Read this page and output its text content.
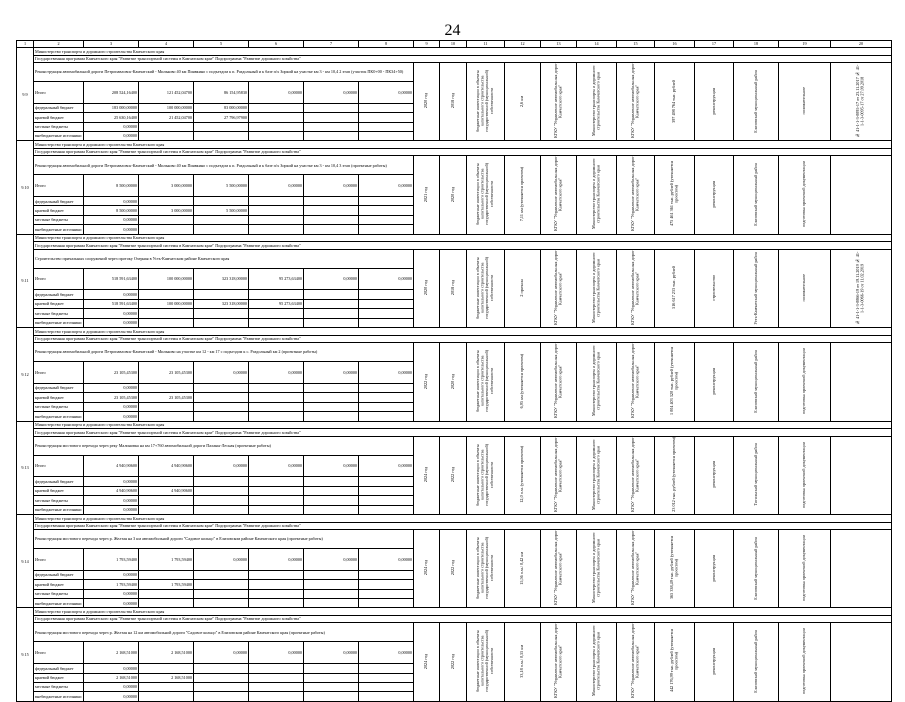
24
1	2	3	4	5	6	7	8	9	10	11	12	13	14	15	16	17	18	19	20
9.9	Министерство транспорта и дорожного строительства Камчатского края																		
	Государственная программа Камчатского края "Развитие транспортной системы в Камчатском крае" Подпрограмма "Развитие дорожного хозяйства"																		
	Реконструкция автомобильной дороги Петропавловск-Камчатский - Мильково 40 км Пиявкино с подъездом к п. Раздольный и к базе п/х Зоркий на участке км 3 - км 10,4 2 этап (участок ПК0+00 - ПК34+50)							2020 год	2018 год	бюджетные инвестиции в объекты капитального строительства государственной (муниципальной) собственности	2,6 км	КГКУ "Управление автомобильных дорог Камчатского края"	Министерство транспорта и дорожного строительства Камчатского края	КГКУ "Управление автомобильных дорог Камчатского края"	397 498 764 тыс. рублей	реконструкция	Елизовский муниципальный район	положительное	№ 41-1-1-3-0095-17 от 23.11.2017 № 41-1-1-3-0095-17 от 27.09.2018
	Итого	208 524,16400	121 452,04700	86 154,95830	0,00000	0,00000	0,00000												
	федеральный бюджет	183 000,00000	100 000,00000	83 000,00000															
	краевой бюджет	25 630,16400	21 452,04700	27 796,97900															
	местные бюджеты	0,00000																	
	внебюджетные источники	0,00000																	
9.10	Министерство транспорта и дорожного строительства Камчатского края																		
	Государственная программа Камчатского края "Развитие транспортной системы в Камчатском крае" Подпрограмма "Развитие дорожного хозяйства"																		
	Реконструкция автомобильной дороги Петропавловск-Камчатский - Мильково 40 км Пиявкино с подъездом к п. Раздольный и к базе п/х Зоркий на участке км 3 - км 10,4 3 этап (проектные работы)							2021 год	2020 год	бюджетные инвестиции в объекты капитального строительства государственной (муниципальной) собственности	7,11 км (уточняется проектом)	КГКУ "Управление автомобильных дорог Камчатского края"	Министерство транспорта и дорожного строительства Камчатского края	КГКУ "Управление автомобильных дорог Камчатского края"	475 461 361 тыс. рублей (уточняется проектом)	реконструкция	Елизовский муниципальный район	подготовка проектной документации	
	Итого	8 500,00000	3 000,00000	5 500,00000	0,00000	0,00000	0,00000												
	федеральный бюджет	0,00000																	
	краевой бюджет	8 500,00000	3 000,00000	5 500,00000															
	местные бюджеты	0,00000																	
	внебюджетные источники	0,00000																	
9.11	Министерство транспорта и дорожного строительства Камчатского края																		
	Государственная программа Камчатского края "Развитие транспортной системы в Камчатском крае" Подпрограмма "Развитие дорожного хозяйства"																		
	Строительство причальных сооружений через протоку Озерная в Усть-Камчатском районе Камчатского края							2020 год	2018 год	бюджетные инвестиции в объекты капитального строительства государственной (муниципальной) собственности	2 причала	КГКУ "Управление автомобильных дорог Камчатского края"	Министерство транспорта и дорожного строительства Камчатского края	КГКУ "Управление автомобильных дорог Камчатского края"	516 617 233 тыс. рублей	строительство	Усть-Камчатский муниципальный район	положительное	№ 41-1-1-3-0066-19 от 19.11.2019 № 41-1-1-3-0066-19 от 11.02.2019
	Итого	518 591,63400	100 000,00000	323 318,00000	95 273,63400	0,00000	0,00000												
	федеральный бюджет	0,00000																	
	краевой бюджет	518 591,63400	100 000,00000	323 318,00000	95 273,63400														
	местные бюджеты	0,00000																	
	внебюджетные источники	0,00000																	
9.12	Министерство транспорта и дорожного строительства Камчатского края																		
	Государственная программа Камчатского края "Развитие транспортной системы в Камчатском крае" Подпрограмма "Развитие дорожного хозяйства"																		
	Реконструкция автомобильной дороги Петропавловск-Камчатский - Мильково на участке км 12 - км 17 с подъездом к с. Раздольный км 2 (проектные работы)							2022 год	2020 год	бюджетные инвестиции в объекты капитального строительства государственной (муниципальной) собственности	6,95 км (уточняется проектом)	КГКУ "Управление автомобильных дорог Камчатского края"	Министерство транспорта и дорожного строительства Камчатского края	КГКУ "Управление автомобильных дорог Камчатского края"	1 004 403 320 тыс. рублей (уточняется проектом)	реконструкция	Елизовский муниципальный район	подготовка проектной документации	
	Итого	23 105,45300	23 105,45300	0,00000	0,00000	0,00000	0,00000												
	федеральный бюджет	0,00000																	
	краевой бюджет	23 105,45300	23 105,45300																
	местные бюджеты	0,00000																	
	внебюджетные источники	0,00000																	
9.13	Министерство транспорта и дорожного строительства Камчатского края																		
	Государственная программа Камчатского края "Развитие транспортной системы в Камчатском крае" Подпрограмма "Развитие дорожного хозяйства"																		
	Реконструкция мостового перехода через реку Малиновка на км 17+760 автомобильной дороги Паланы-Лесная (проектные работы)							2024 год	2022 год	бюджетные инвестиции в объекты капитального строительства государственной (муниципальной) собственности	12,0 п.м. (уточняется проектом)	КГКУ "Управление автомобильных дорог Камчатского края"	Министерство транспорта и дорожного строительства Камчатского края	КГКУ "Управление автомобильных дорог Камчатского края"	23 012 тыс. рублей (уточняется проектом)	реконструкция	Тигильский муниципальный район	подготовка проектной документации	
	Итого	4 940,90600	4 940,90600	0,00000	0,00000	0,00000	0,00000												
	федеральный бюджет	0,00000																	
	краевой бюджет	4 940,90600	4 940,90600																
	местные бюджеты	0,00000																	
	внебюджетные источники	0,00000																	
9.14	Министерство транспорта и дорожного строительства Камчатского края																		
	Государственная программа Камчатского края "Развитие транспортной системы в Камчатском крае" Подпрограмма "Развитие дорожного хозяйства"																		
	Реконструкция мостового перехода через р. Желтая на 3 км автомобильной дороги "Садовое кольцо" в Елизовском районе Камчатского края (проектные работы)							2024 год	2022 год	бюджетные инвестиции в объекты капитального строительства государственной (муниципальной) собственности	15,56 п.м./ 0,42 км	КГКУ "Управление автомобильных дорог Камчатского края"	Министерство транспорта и дорожного строительства Камчатского края	КГКУ "Управление автомобильных дорог Камчатского края"	365 338,49 тыс. рублей (уточняется проектом)	реконструкция	Елизовский муниципальный район	подготовка проектной документации	
	Итого	1 793,59400	1 793,59400	0,00000	0,00000	0,00000	0,00000												
	федеральный бюджет	0,00000																	
	краевой бюджет	1 793,59400	1 793,59400																
	местные бюджеты	0,00000																	
	внебюджетные источники	0,00000																	
9.15	Министерство транспорта и дорожного строительства Камчатского края																		
	Государственная программа Камчатского края "Развитие транспортной системы в Камчатском крае" Подпрограмма "Развитие дорожного хозяйства"																		
	Реконструкция мостового перехода через р. Желтая на 12 км автомобильной дороги "Садовое кольцо" в Елизовском районе Камчатского края (проектные работы)							2024 год	2022 год	бюджетные инвестиции в объекты капитального строительства государственной (муниципальной) собственности	33,18 п.м./ 0,55 км	КГКУ "Управление автомобильных дорог Камчатского края"	Министерство транспорта и дорожного строительства Камчатского края	КГКУ "Управление автомобильных дорог Камчатского края"	442 176,99 тыс. рублей (уточняется проектом)	реконструкция	Елизовский муниципальный район	подготовка проектной документации	
	Итого	2 168,51000	2 168,51000	0,00000	0,00000	0,00000	0,00000												
	федеральный бюджет	0,00000																	
	краевой бюджет	2 168,51000	2 168,51000																
	местные бюджеты	0,00000																	
	внебюджетные источники	0,00000																	
